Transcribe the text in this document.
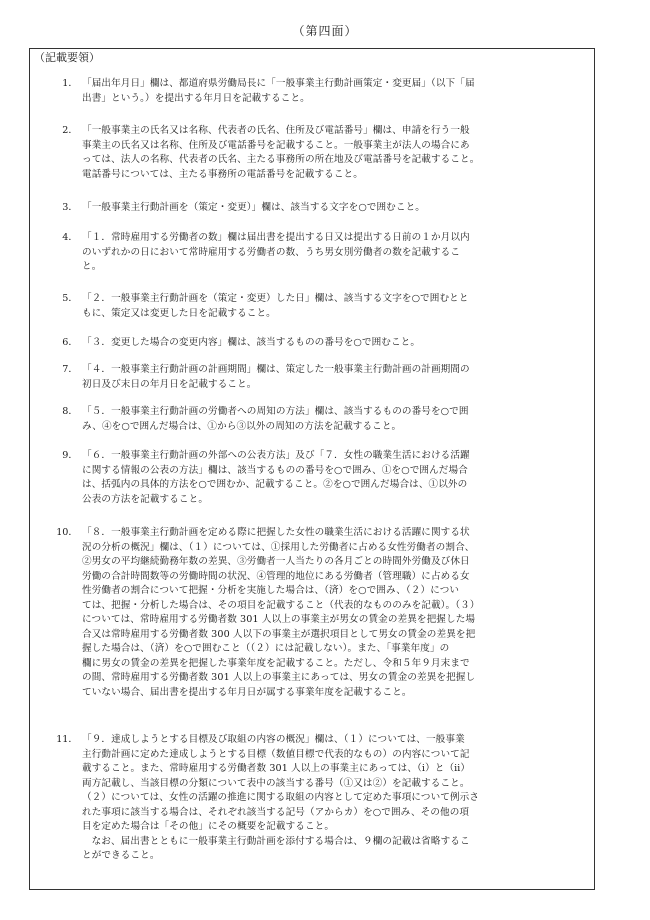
（第四面）
（記載要領）
1． 「届出年月日」欄は、都道府県労働局長に「一般事業主行動計画策定・変更届」（以下「届
出書」という。）を提出する年月日を記載すること。
2． 「一般事業主の氏名又は名称、代表者の氏名、住所及び電話番号」欄は、申請を行う一般
事業主の氏名又は名称、住所及び電話番号を記載すること。一般事業主が法人の場合にあ
っては、法人の名称、代表者の氏名、主たる事務所の所在地及び電話番号を記載すること。
電話番号については、主たる事務所の電話番号を記載すること。
3． 「一般事業主行動計画を（策定・変更）」欄は、該当する文字を○で囲むこと。
4． 「１．常時雇用する労働者の数」欄は届出書を提出する日又は提出する日前の１か月以内
のいずれかの日において常時雇用する労働者の数、うち男女別労働者の数を記載するこ
と。
5． 「２．一般事業主行動計画を（策定・変更）した日」欄は、該当する文字を○で囲むとと
もに、策定又は変更した日を記載すること。
6． 「３．変更した場合の変更内容」欄は、該当するものの番号を○で囲むこと。
7． 「４．一般事業主行動計画の計画期間」欄は、策定した一般事業主行動計画の計画期間の
初日及び末日の年月日を記載すること。
8． 「５．一般事業主行動計画の労働者への周知の方法」欄は、該当するものの番号を○で囲
み、④を○で囲んだ場合は、①から③以外の周知の方法を記載すること。
9． 「６．一般事業主行動計画の外部への公表方法」及び「７．女性の職業生活における活躍
に関する情報の公表の方法」欄は、該当するものの番号を○で囲み、①を○で囲んだ場合
は、括弧内の具体的方法を○で囲むか、記載すること。②を○で囲んだ場合は、①以外の
公表の方法を記載すること。
10． 「８．一般事業主行動計画を定める際に把握した女性の職業生活における活躍に関する状
況の分析の概況」欄は、（１）については、①採用した労働者に占める女性労働者の割合、
②男女の平均継続勤務年数の差異、③労働者一人当たりの各月ごとの時間外労働及び休日
労働の合計時間数等の労働時間の状況、④管理的地位にある労働者（管理職）に占める女
性労働者の割合について把握・分析を実施した場合は、（済）を○で囲み、（２）につい
ては、把握・分析した場合は、その項目を記載すること（代表的なもののみを記載）。（３）
については、常時雇用する労働者数 301 人以上の事業主が男女の賃金の差異を把握した場
合又は常時雇用する労働者数 300 人以下の事業主が選択項目として男女の賃金の差異を把
握した場合は、（済）を○で囲むこと（（２）には記載しない）。また、「事業年度」の
欄に男女の賃金の差異を把握した事業年度を記載すること。ただし、令和５年９月末まで
の間、常時雇用する労働者数 301 人以上の事業主にあっては、男女の賃金の差異を把握し
ていない場合、届出書を提出する年月日が属する事業年度を記載すること。
11． 「９．達成しようとする目標及び取組の内容の概況」欄は、（１）については、一般事業
主行動計画に定めた達成しようとする目標（数値目標で代表的なもの）の内容について記
載すること。また、常時雇用する労働者数 301 人以上の事業主にあっては、（ⅰ）と（ⅱ）
両方記載し、当該目標の分類について表中の該当する番号（①又は②）を記載すること。
（２）については、女性の活躍の推進に関する取組の内容として定めた事項について例示さ
れた事項に該当する場合は、それぞれ該当する記号（アからカ）を○で囲み、その他の項
目を定めた場合は「その他」にその概要を記載すること。
なお、届出書とともに一般事業主行動計画を添付する場合は、９欄の記載は省略するこ
とができること。
